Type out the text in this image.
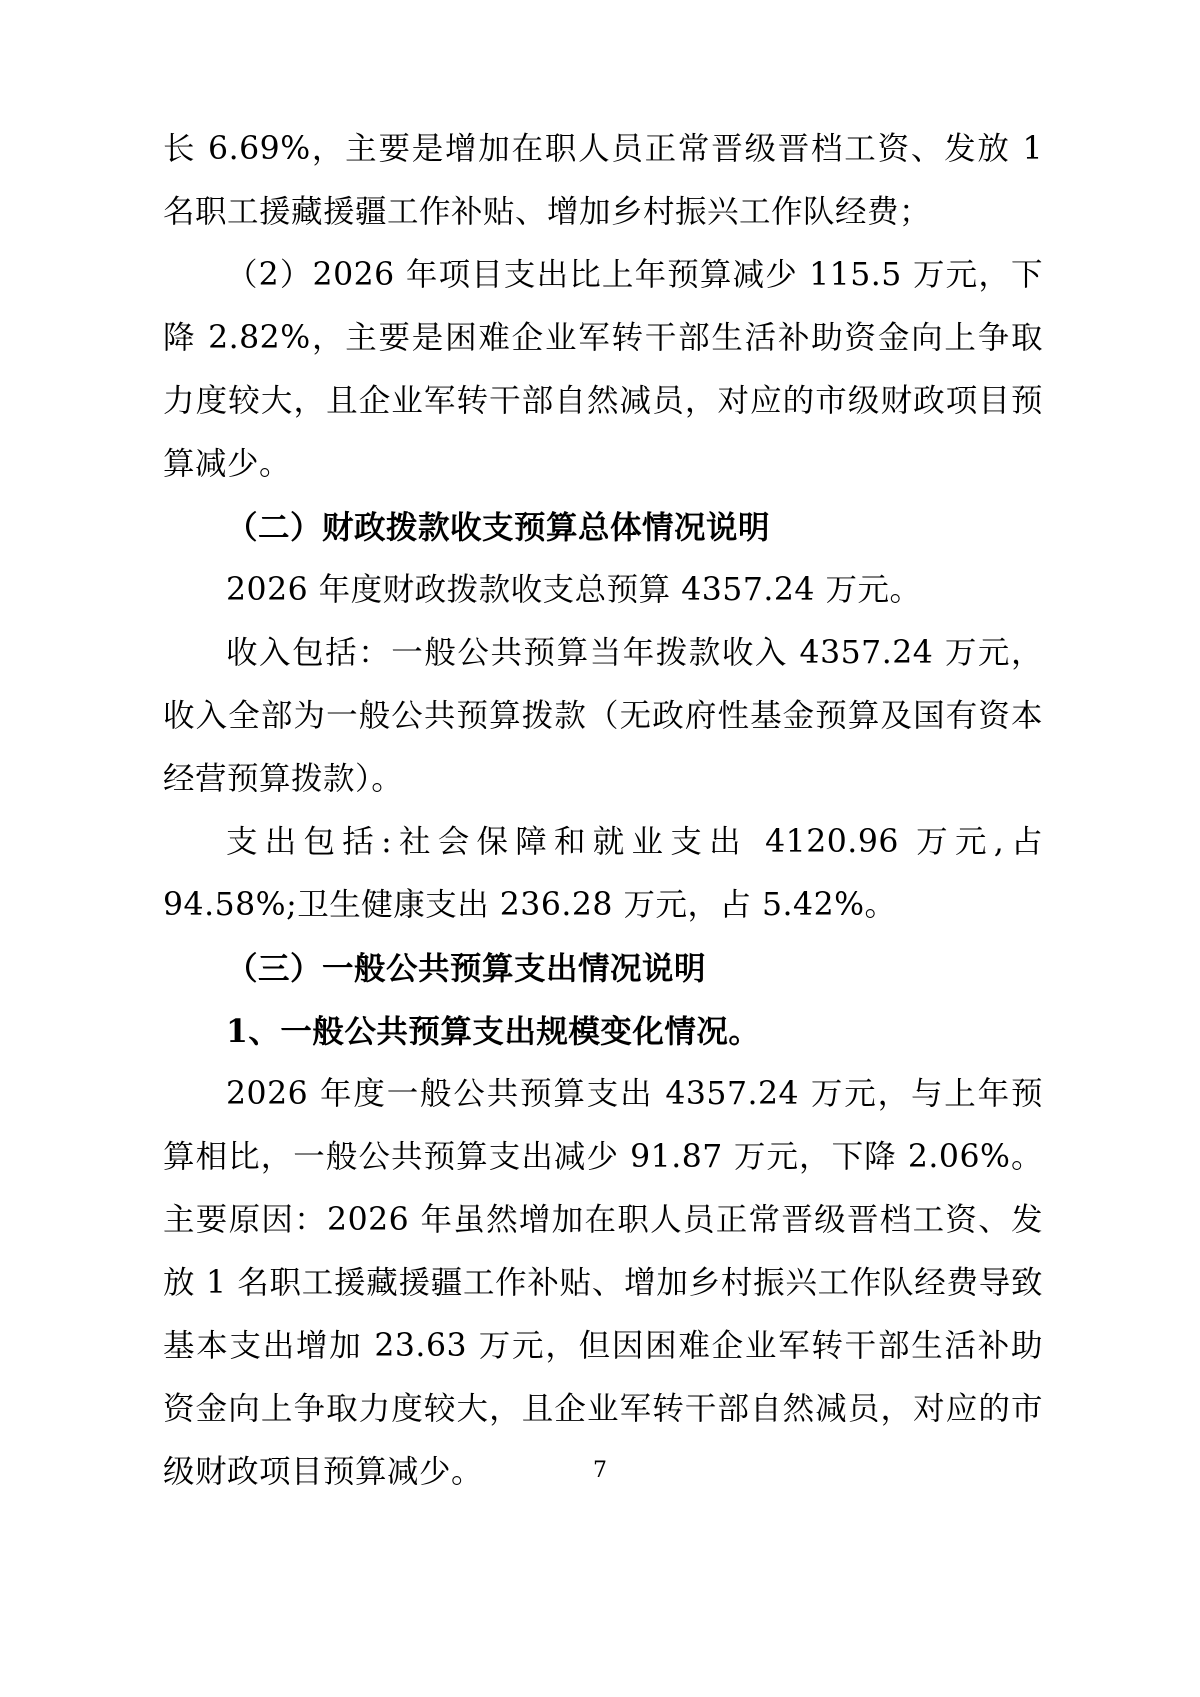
长 6.69%，主要是增加在职人员正常晋级晋档工资、发放 1 名职工援藏援疆工作补贴、增加乡村振兴工作队经费；

（2）2026 年项目支出比上年预算减少 115.5 万元，下降 2.82%，主要是困难企业军转干部生活补助资金向上争取力度较大，且企业军转干部自然减员，对应的市级财政项目预算减少。

（二）财政拨款收支预算总体情况说明

2026 年度财政拨款收支总预算 4357.24 万元。

收入包括：一般公共预算当年拨款收入 4357.24 万元，收入全部为一般公共预算拨款（无政府性基金预算及国有资本经营预算拨款）。

支出包括:社会保障和就业支出 4120.96 万元,占 94.58%;卫生健康支出 236.28 万元，占 5.42%。

（三）一般公共预算支出情况说明

1、一般公共预算支出规模变化情况。

2026 年度一般公共预算支出 4357.24 万元，与上年预算相比，一般公共预算支出减少 91.87 万元，下降 2.06%。主要原因：2026 年虽然增加在职人员正常晋级晋档工资、发放 1 名职工援藏援疆工作补贴、增加乡村振兴工作队经费导致基本支出增加 23.63 万元，但因困难企业军转干部生活补助资金向上争取力度较大，且企业军转干部自然减员，对应的市级财政项目预算减少。	7
